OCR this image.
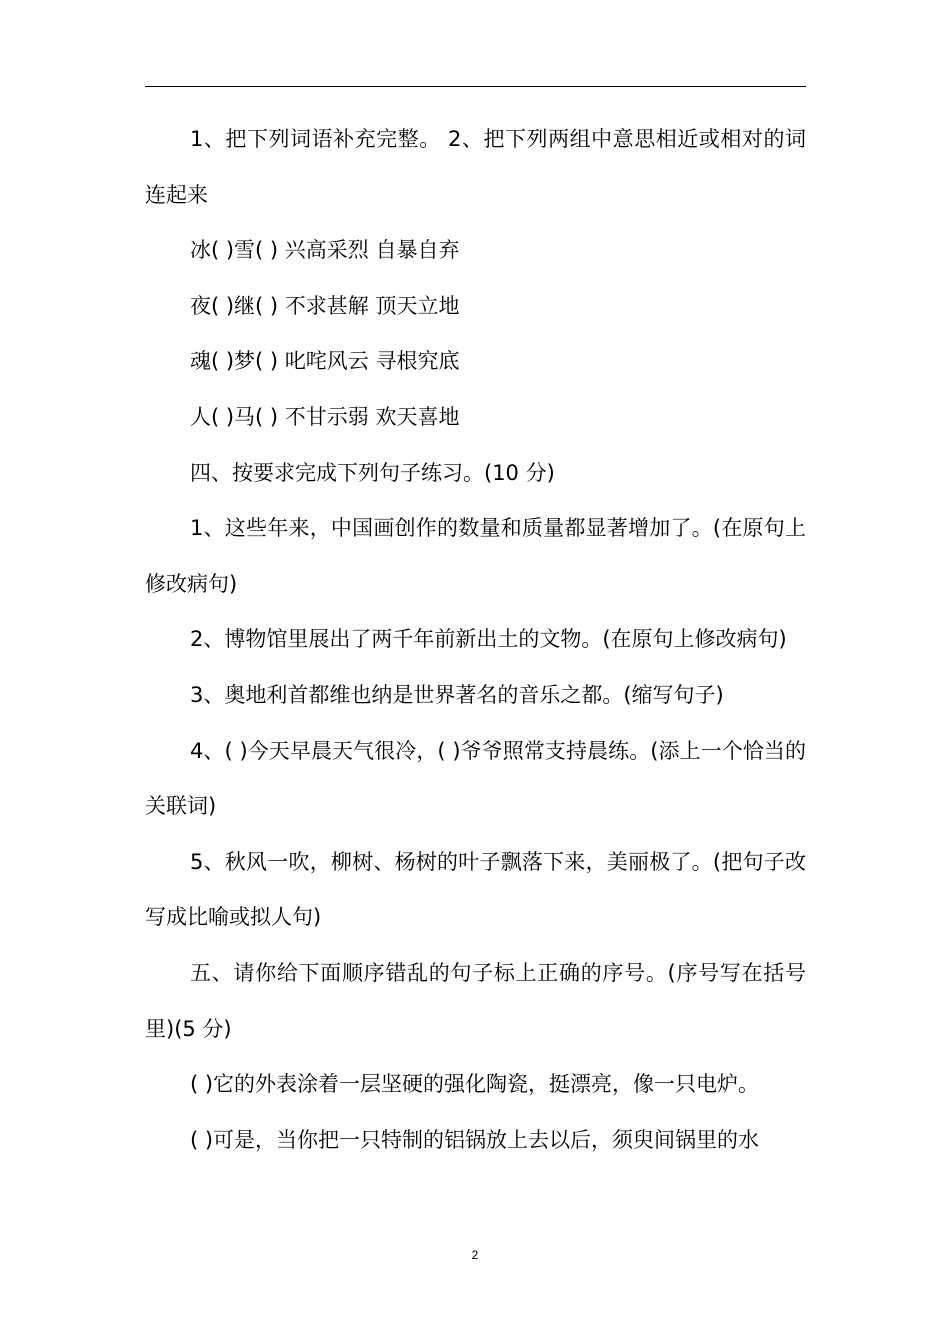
1、把下列词语补充完整。 2、把下列两组中意思相近或相对的词连起来

冰( )雪( ) 兴高采烈 自暴自弃

夜( )继( ) 不求甚解 顶天立地

魂( )梦( ) 叱咤风云 寻根究底

人( )马( ) 不甘示弱 欢天喜地

四、按要求完成下列句子练习。(10 分)

1、这些年来，中国画创作的数量和质量都显著增加了。(在原句上修改病句)

2、博物馆里展出了两千年前新出土的文物。(在原句上修改病句)

3、奥地利首都维也纳是世界著名的音乐之都。(缩写句子)

4、( )今天早晨天气很冷，( )爷爷照常支持晨练。(添上一个恰当的关联词)

5、秋风一吹，柳树、杨树的叶子飘落下来，美丽极了。(把句子改写成比喻或拟人句)

五、请你给下面顺序错乱的句子标上正确的序号。(序号写在括号里)(5 分)

( )它的外表涂着一层坚硬的强化陶瓷，挺漂亮，像一只电炉。

( )可是，当你把一只特制的铝锅放上去以后，须臾间锅里的水

2
